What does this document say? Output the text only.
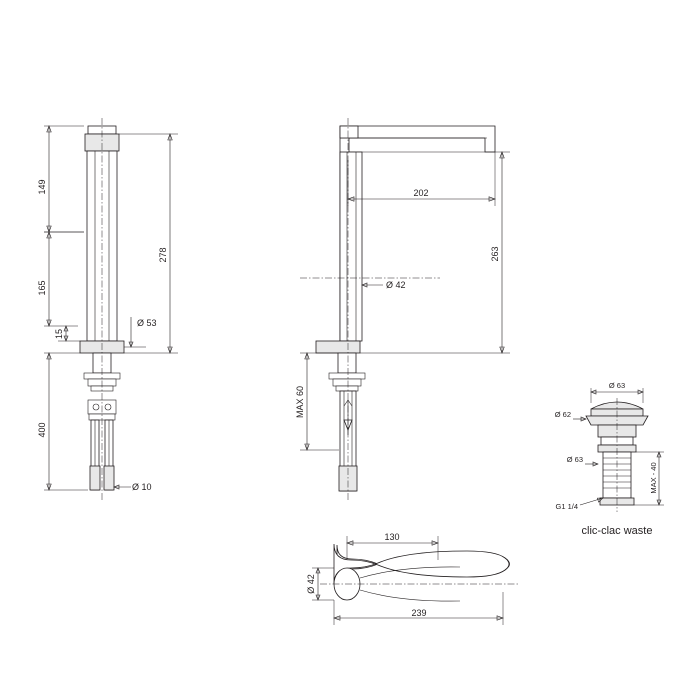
149
165
15
278
400
Ø 53
Ø 10
202
263
Ø 42
MAX 60
Ø 63
Ø 62
Ø 63
G1 1/4
MAX - 40
clic-clac waste
130
239
Ø 42
